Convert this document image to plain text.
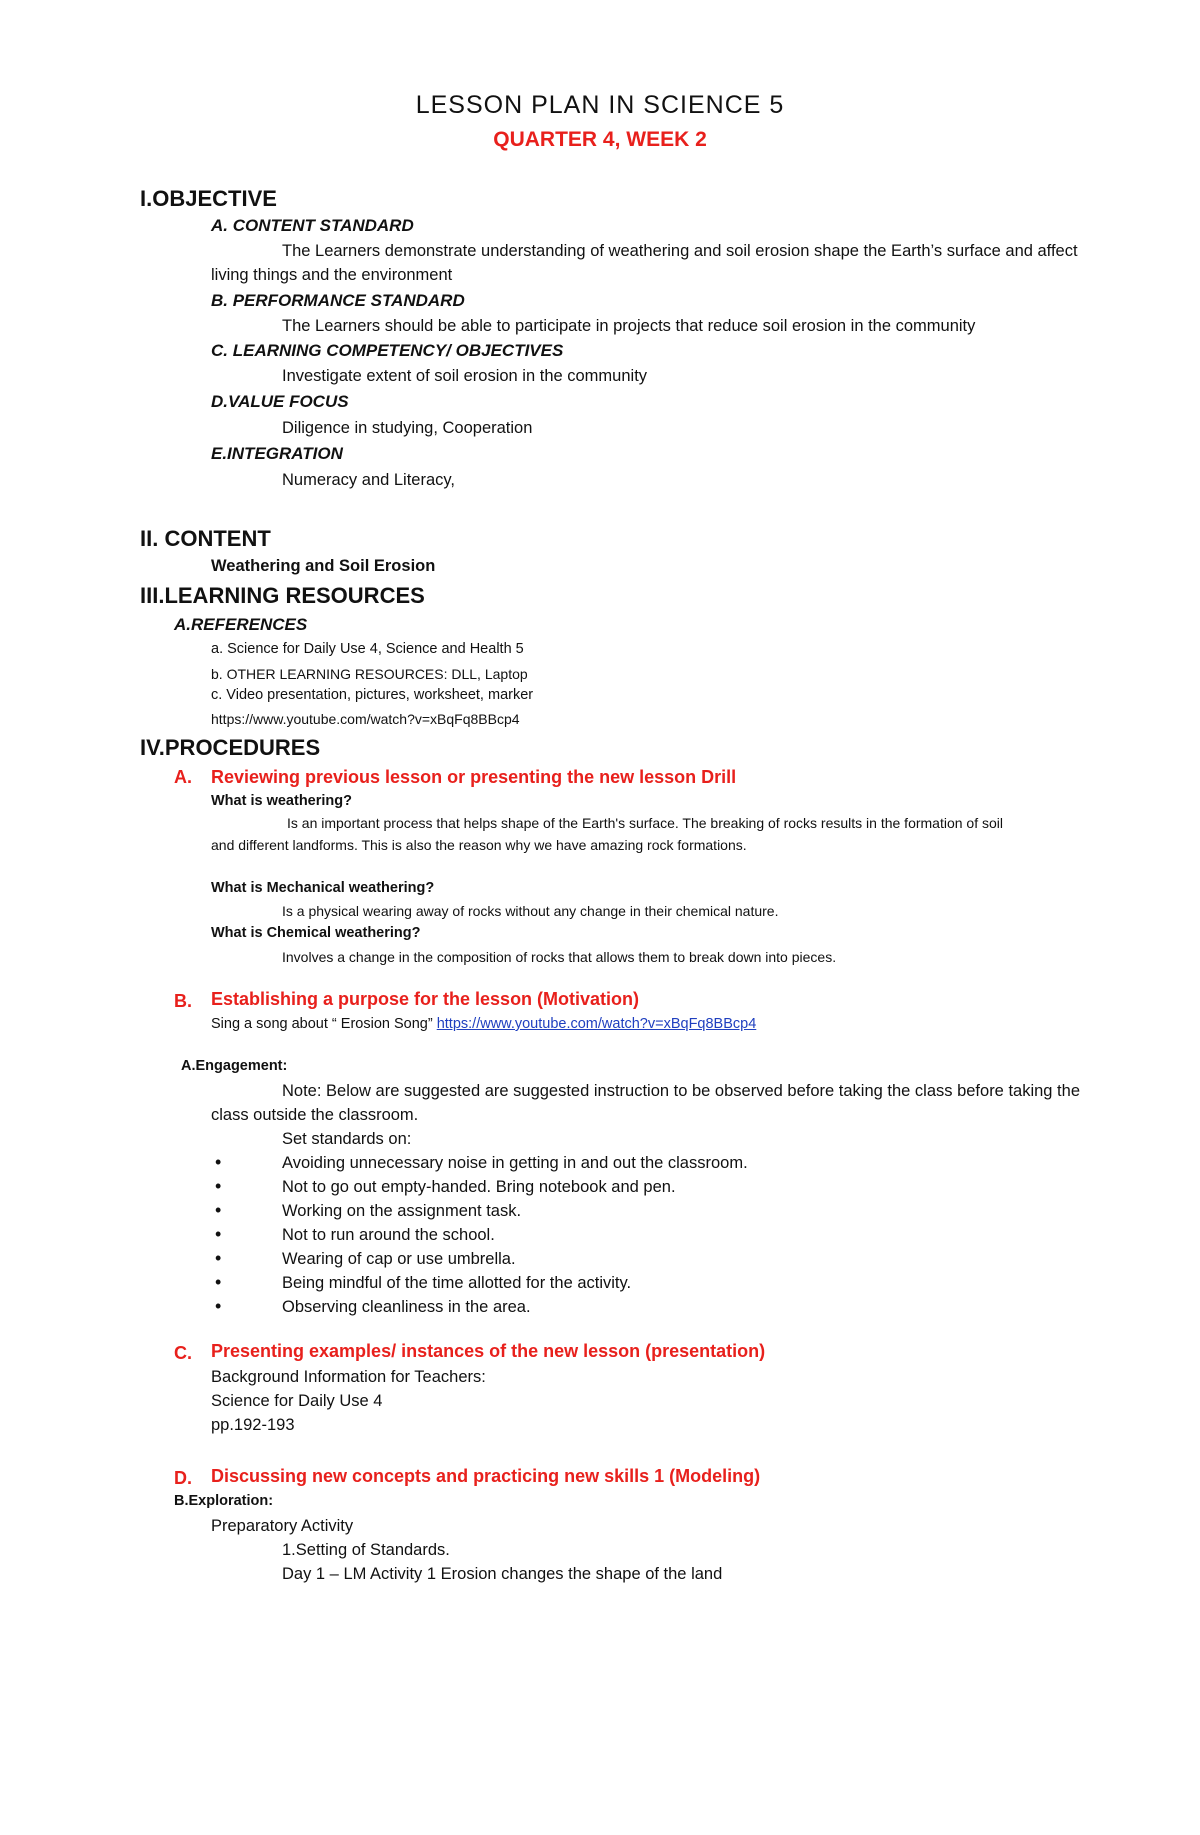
LESSON PLAN IN SCIENCE 5
QUARTER 4, WEEK 2
I.OBJECTIVE
A. CONTENT STANDARD
The Learners demonstrate understanding of weathering and soil erosion shape the Earth’s surface and affect
living things and the environment
B. PERFORMANCE STANDARD
The Learners should be able to participate in projects that reduce soil erosion in the community
C. LEARNING COMPETENCY/ OBJECTIVES
Investigate extent of soil erosion in the community
D.VALUE FOCUS
Diligence in studying, Cooperation
E.INTEGRATION
Numeracy and Literacy,
II. CONTENT
Weathering and Soil Erosion
III.LEARNING RESOURCES
A.REFERENCES
a. Science for Daily Use 4, Science and Health 5
b. OTHER LEARNING RESOURCES: DLL, Laptop
c. Video presentation, pictures, worksheet, marker
https://www.youtube.com/watch?v=xBqFq8BBcp4
IV.PROCEDURES
A. Reviewing previous lesson or presenting the new lesson Drill
What is weathering?
Is an important process that helps shape of the Earth's surface. The breaking of rocks results in the formation of soil
and different landforms. This is also the reason why we have amazing rock formations.
What is Mechanical weathering?
Is a physical wearing away of rocks without any change in their chemical nature.
What is Chemical weathering?
Involves a change in the composition of rocks that allows them to break down into pieces.
B. Establishing a purpose for the lesson (Motivation)
Sing a song about “ Erosion Song” https://www.youtube.com/watch?v=xBqFq8BBcp4
A.Engagement:
Note: Below are suggested are suggested instruction to be observed before taking the class before taking the
class outside the classroom.
Set standards on:
•	Avoiding unnecessary noise in getting in and out the classroom.
•	Not to go out empty-handed. Bring notebook and pen.
•	Working on the assignment task.
•	Not to run around the school.
•	Wearing of cap or use umbrella.
•	Being mindful of the time allotted for the activity.
•	Observing cleanliness in the area.
C. Presenting examples/ instances of the new lesson (presentation)
Background Information for Teachers:
Science for Daily Use 4
pp.192-193
D. Discussing new concepts and practicing new skills 1 (Modeling)
B.Exploration:
Preparatory Activity
1.Setting of Standards.
Day 1 – LM Activity 1 Erosion changes the shape of the land
